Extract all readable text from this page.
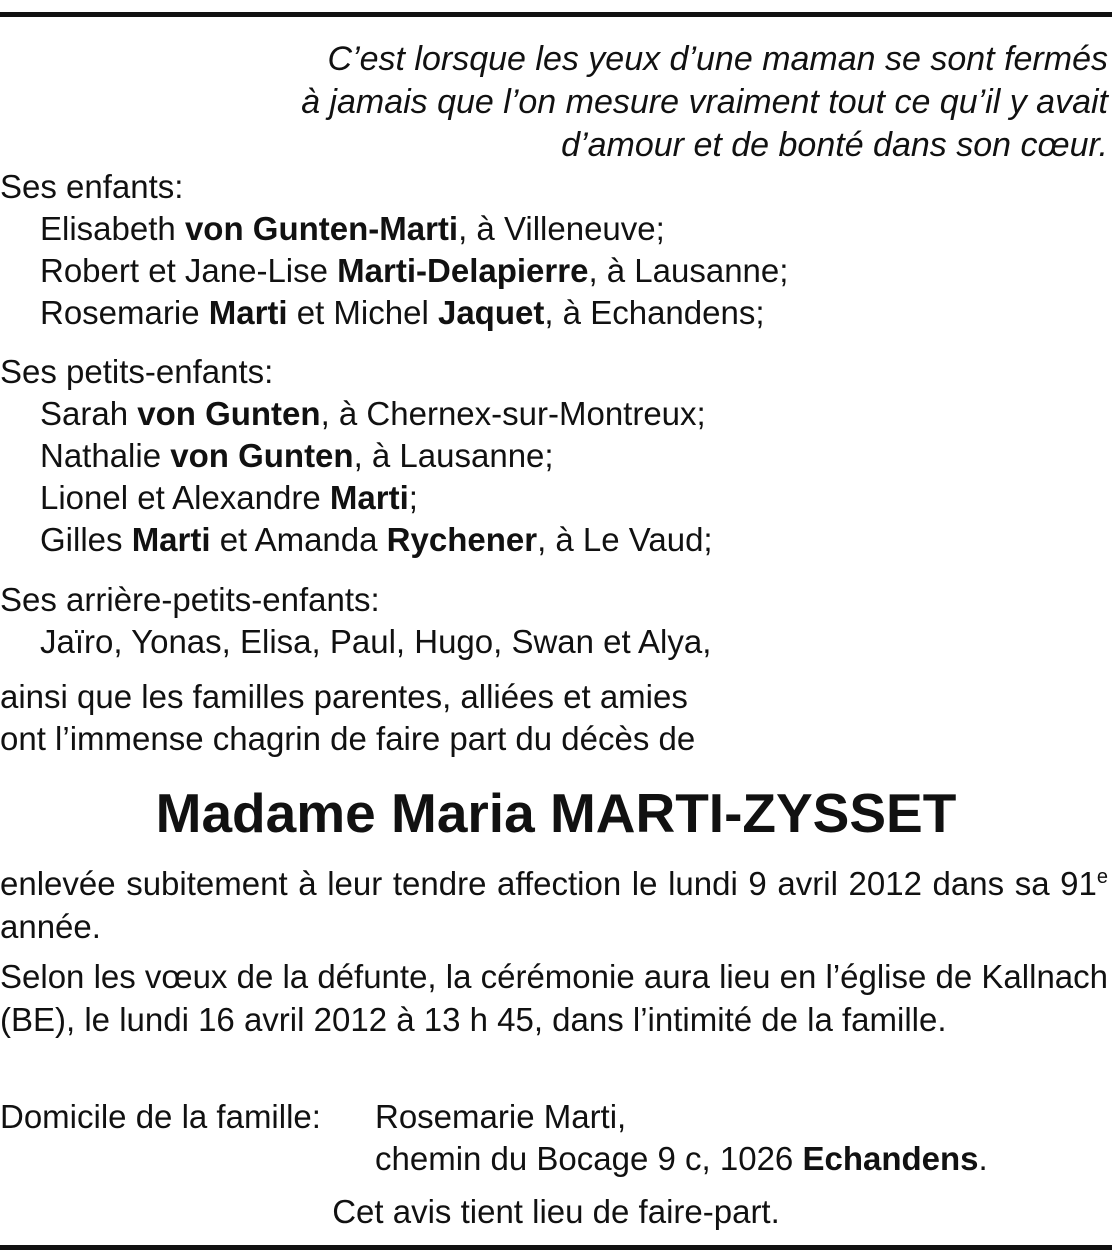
C’est lorsque les yeux d’une maman se sont fermés
à jamais que l’on mesure vraiment tout ce qu’il y avait
d’amour et de bonté dans son cœur.
Ses enfants:
Elisabeth von Gunten-Marti, à Villeneuve;
Robert et Jane-Lise Marti-Delapierre, à Lausanne;
Rosemarie Marti et Michel Jaquet, à Echandens;
Ses petits-enfants:
Sarah von Gunten, à Chernex-sur-Montreux;
Nathalie von Gunten, à Lausanne;
Lionel et Alexandre Marti;
Gilles Marti et Amanda Rychener, à Le Vaud;
Ses arrière-petits-enfants:
Jaïro, Yonas, Elisa, Paul, Hugo, Swan et Alya,
ainsi que les familles parentes, alliées et amies
ont l’immense chagrin de faire part du décès de
Madame Maria MARTI-ZYSSET
enlevée subitement à leur tendre affection le lundi 9 avril 2012 dans sa 91e année.
Selon les vœux de la défunte, la cérémonie aura lieu en l’église de Kallnach (BE), le lundi 16 avril 2012 à 13 h 45, dans l’intimité de la famille.
Domicile de la famille: Rosemarie Marti,
chemin du Bocage 9 c, 1026 Echandens.
Cet avis tient lieu de faire-part.
